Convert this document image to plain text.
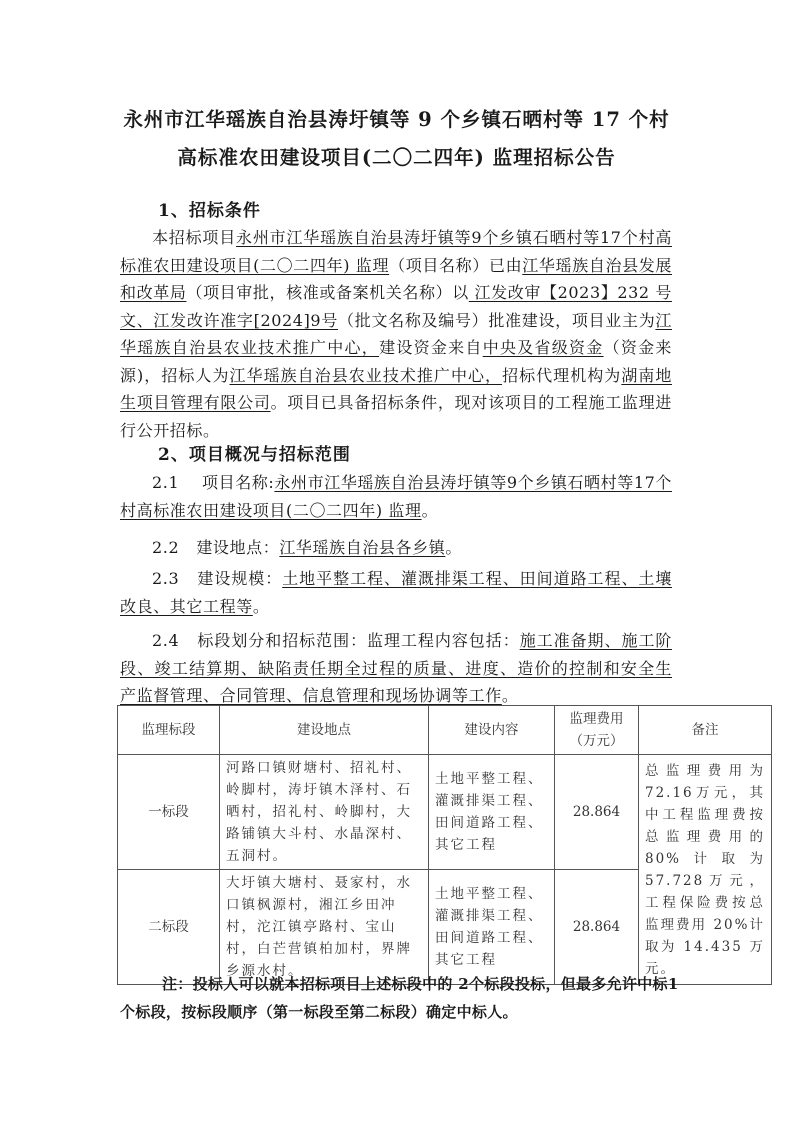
永州市江华瑶族自治县涛圩镇等 9 个乡镇石晒村等 17 个村
高标准农田建设项目(二〇二四年) 监理招标公告
1、招标条件
本招标项目永州市江华瑶族自治县涛圩镇等9个乡镇石晒村等17个村高标准农田建设项目(二〇二四年) 监理（项目名称）已由江华瑶族自治县发展和改革局（项目审批，核准或备案机关名称）以 江发改审【2023】232 号文、江发改许准字[2024]9号（批文名称及编号）批准建设，项目业主为江华瑶族自治县农业技术推广中心，建设资金来自中央及省级资金（资金来源)，招标人为江华瑶族自治县农业技术推广中心，招标代理机构为湖南地生项目管理有限公司。项目已具备招标条件，现对该项目的工程施工监理进行公开招标。
2、项目概况与招标范围
2.1 项目名称:永州市江华瑶族自治县涛圩镇等9个乡镇石晒村等17个村高标准农田建设项目(二〇二四年) 监理。
2.2 建设地点：江华瑶族自治县各乡镇。
2.3 建设规模：土地平整工程、灌溉排渠工程、田间道路工程、土壤改良、其它工程等。
2.4 标段划分和招标范围：监理工程内容包括：施工准备期、施工阶段、竣工结算期、缺陷责任期全过程的质量、进度、造价的控制和安全生 产监督管理、合同管理、信息管理和现场协调等工作。
监理标段	建设地点	建设内容	监理费用（万元）	备注
一标段	河路口镇财塘村、招礼村、岭脚村，涛圩镇木泽村、石晒村，招礼村、岭脚村，大路铺镇大斗村、水晶深村、五洞村。	土地平整工程、灌溉排渠工程、田间道路工程、其它工程	28.864	总监理费用为72.16万元，其中工程监理费按总监理费用的 80%计取为57.728万元，工程保险费按总监理费用 20%计取为 14.435 万元。
二标段	大圩镇大塘村、聂家村，水口镇枫源村，湘江乡田冲村，沱江镇亭路村、宝山村，白芒营镇柏加村，界牌乡源水村。	土地平整工程、灌溉排渠工程、田间道路工程、其它工程	28.864	
注：投标人可以就本招标项目上述标段中的 2个标段投标，但最多允许中标1个标段，按标段顺序（第一标段至第二标段）确定中标人。
